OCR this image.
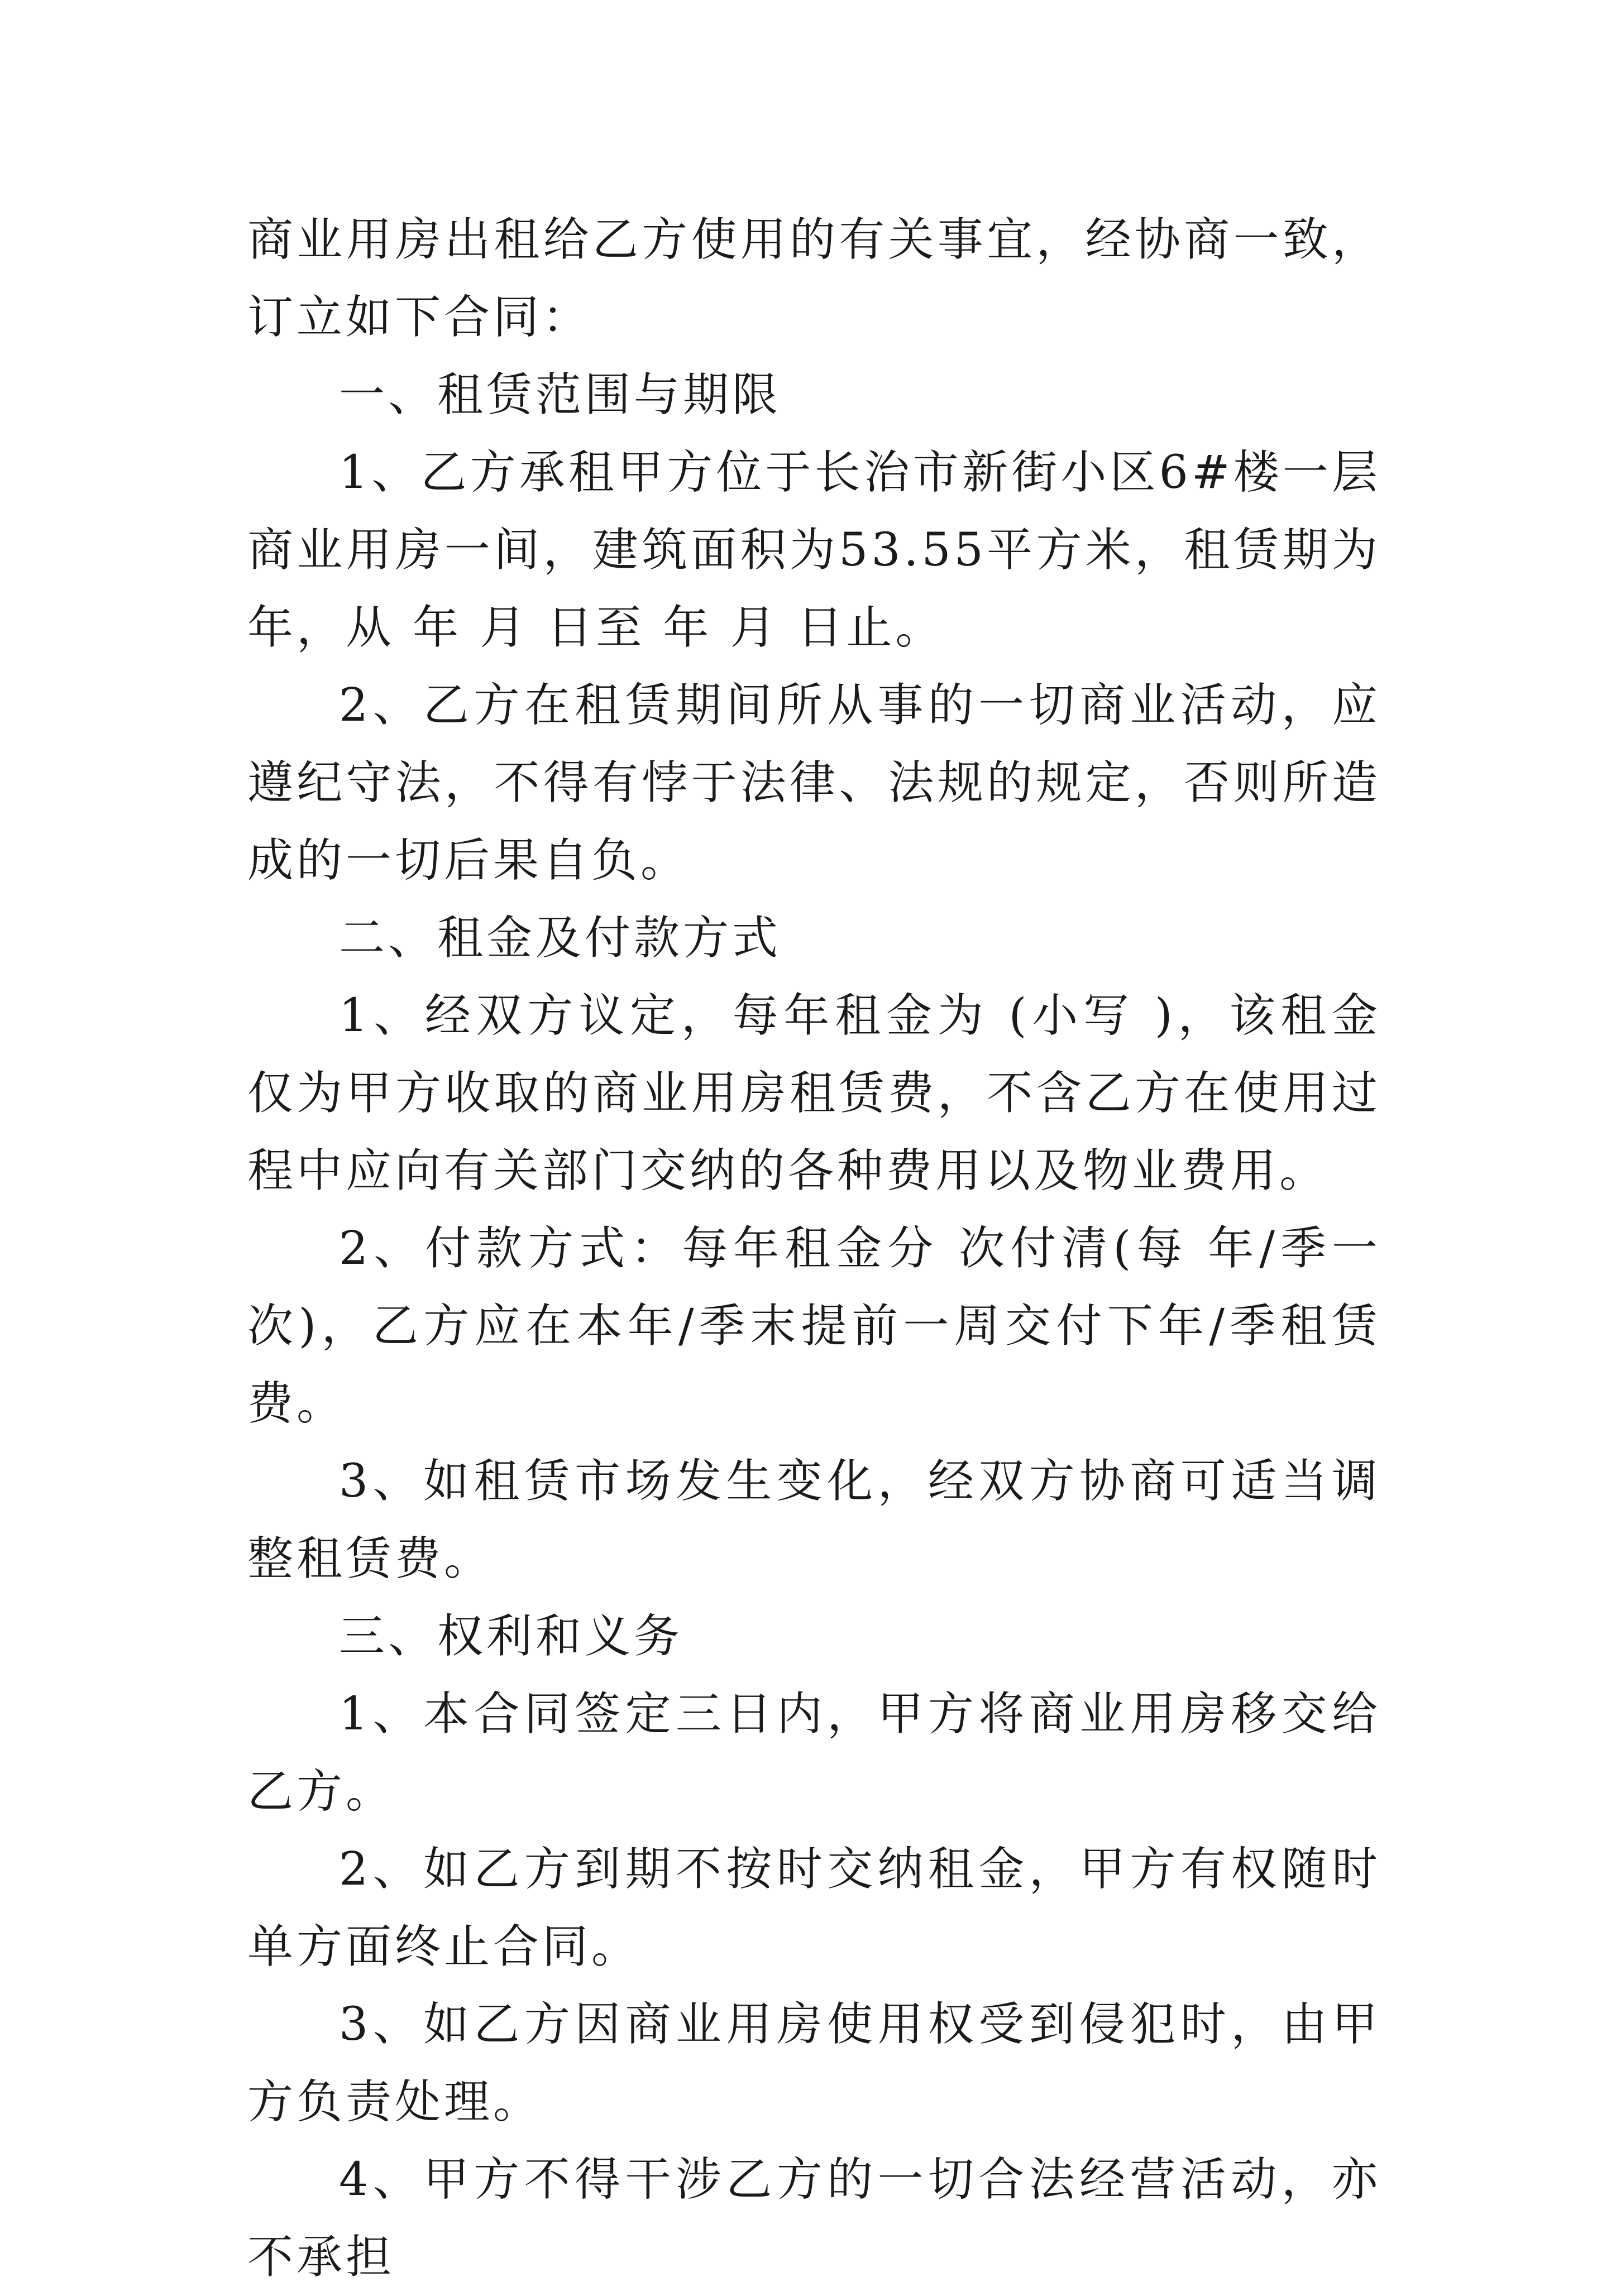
商业用房出租给乙方使用的有关事宜，经协商一致，订立如下合同：

一、租赁范围与期限

1、乙方承租甲方位于长治市新街小区6#楼一层商业用房一间，建筑面积为53.55平方米，租赁期为 年，从 年 月 日至 年 月 日止。

2、乙方在租赁期间所从事的一切商业活动，应遵纪守法，不得有悖于法律、法规的规定，否则所造成的一切后果自负。

二、租金及付款方式

1、经双方议定，每年租金为 (小写 )，该租金仅为甲方收取的商业用房租赁费，不含乙方在使用过程中应向有关部门交纳的各种费用以及物业费用。

2、付款方式：每年租金分 次付清(每 年/季一次)，乙方应在本年/季末提前一周交付下年/季租赁费。

3、如租赁市场发生变化，经双方协商可适当调整租赁费。

三、权利和义务

1、本合同签定三日内，甲方将商业用房移交给乙方。

2、如乙方到期不按时交纳租金，甲方有权随时单方面终止合同。

3、如乙方因商业用房使用权受到侵犯时，由甲方负责处理。

4、甲方不得干涉乙方的一切合法经营活动，亦不承担
